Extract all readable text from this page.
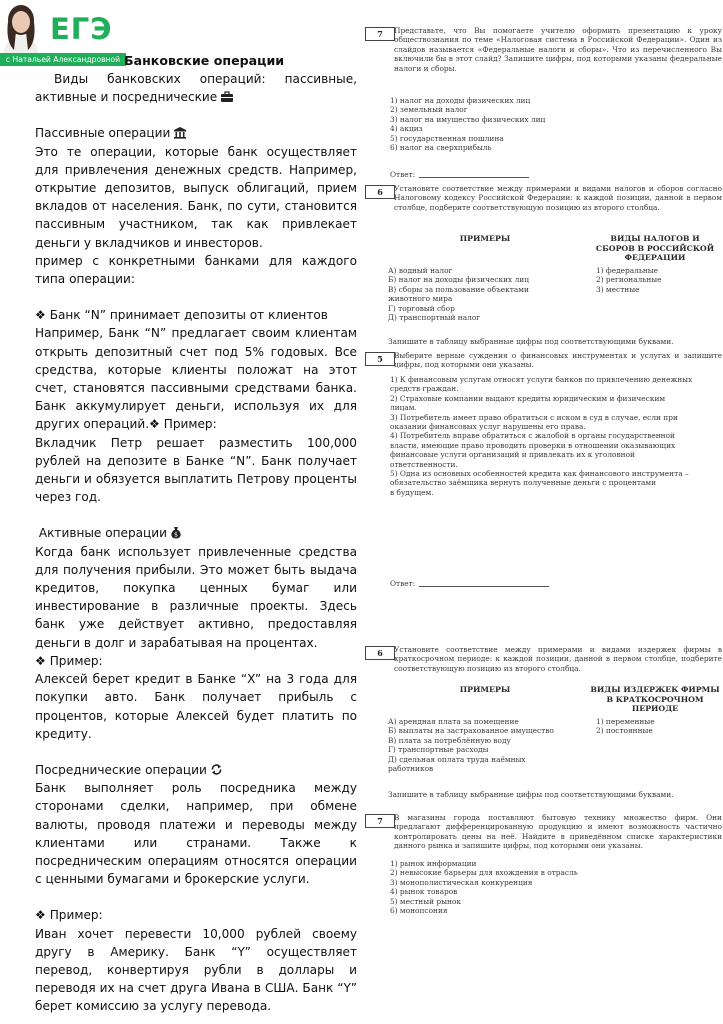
ЕГЭ
с Натальей Александровной Банковские операции

Виды банковских операций: пассивные, активные и посреднические

Пассивные операции

Это те операции, которые банк осуществляет для привлечения денежных средств. Например, открытие депозитов, выпуск облигаций, прием вкладов от населения. Банк, по сути, становится пассивным участником, так как привлекает деньги у вкладчиков и инвесторов.

пример с конкретными банками для каждого типа операции:

❖ Банк “N” принимает депозиты от клиентов

Например, Банк “N” предлагает своим клиентам открыть депозитный счет под 5% годовых. Все средства, которые клиенты положат на этот счет, становятся пассивными средствами банка. Банк аккумулирует деньги, используя их для других операций.❖ Пример:

Вкладчик Петр решает разместить 100,000 рублей на депозите в Банке “N”. Банк получает деньги и обязуется выплатить Петрову проценты через год.

Активные операции $

Когда банк использует привлеченные средства для получения прибыли. Это может быть выдача кредитов, покупка ценных бумаг или инвестирование в различные проекты. Здесь банк уже действует активно, предоставляя деньги в долг и зарабатывая на процентах.

❖ Пример:

Алексей берет кредит в Банке “X” на 3 года для покупки авто. Банк получает прибыль с процентов, которые Алексей будет платить по кредиту.

Посреднические операции

Банк выполняет роль посредника между сторонами сделки, например, при обмене валюты, проводя платежи и переводы между клиентами или странами. Также к посредническим операциям относятся операции с ценными бумагами и брокерские услуги.

❖ Пример:

Иван хочет перевести 10,000 рублей своему другу в Америку. Банк “Y” осуществляет перевод, конвертируя рубли в доллары и переводя их на счет друга Ивана в США. Банк “Y” берет комиссию за услугу перевода.

7	Представьте, что Вы помогаете учителю оформить презентацию к уроку обществознания по теме «Налоговая система в Российской Федерации». Один из слайдов называется «Федеральные налоги и сборы». Что из перечисленного Вы включили бы в этот слайд? Запишите цифры, под которыми указаны федеральные налоги и сборы.
1) налог на доходы физических лиц
2) земельный налог
3) налог на имущество физических лиц
4) акциз
5) государственная пошлина
6) налог на сверхприбыль
Ответ:
6	Установите соответствие между примерами и видами налогов и сборов согласно Налоговому кодексу Российской Федерации: к каждой позиции, данной в первом столбце, подберите соответствующую позицию из второго столбца.
ПРИМЕРЫ	ВИДЫ НАЛОГОВ И СБОРОВ В РОССИЙСКОЙ ФЕДЕРАЦИИ
А) водный налог	1) федеральные
Б) налог на доходы физических лиц	2) региональные
В) сборы за пользование объектами	3) местные
животного мира
Г) торговый сбор
Д) транспортный налог
Запишите в таблицу выбранные цифры под соответствующими буквами.
5	Выберите верные суждения о финансовых инструментах и услугах и запишите цифры, под которыми они указаны.
1) К финансовым услугам относят услуги банков по привлечению денежных
средств граждан.
2) Страховые компании выдают кредиты юридическим и физическим
лицам.
3) Потребитель имеет право обратиться с иском в суд в случае, если при
оказании финансовых услуг нарушены его права.
4) Потребитель вправе обратиться с жалобой в органы государственной
власти, имеющие право проводить проверки в отношении оказывающих
финансовые услуги организаций и привлекать их к уголовной
ответственности.
5) Одна из основных особенностей кредита как финансового инструмента –
обязательство заёмщика вернуть полученные деньги с процентами
в будущем.
Ответ:
6	Установите соответствие между примерами и видами издержек фирмы в краткосрочном периоде: к каждой позиции, данной в первом столбце, подберите соответствующую позицию из второго столбца.
ПРИМЕРЫ	ВИДЫ ИЗДЕРЖЕК ФИРМЫ В КРАТКОСРОЧНОМ ПЕРИОДЕ
А) арендная плата за помещение	1) переменные
Б) выплаты на застрахованное имущество	2) постоянные
В) плата за потреблённую воду
Г) транспортные расходы
Д) сдельная оплата труда наёмных
работников
Запишите в таблицу выбранные цифры под соответствующими буквами.
7	В магазины города поставляют бытовую технику множество фирм. Они предлагают дифференцированную продукцию и имеют возможность частично контролировать цены на неё. Найдите в приведённом списке характеристики данного рынка и запишите цифры, под которыми они указаны.
1) рынок информации
2) невысокие барьеры для вхождения в отрасль
3) монополистическая конкуренция
4) рынок товаров
5) местный рынок
6) монопсония
